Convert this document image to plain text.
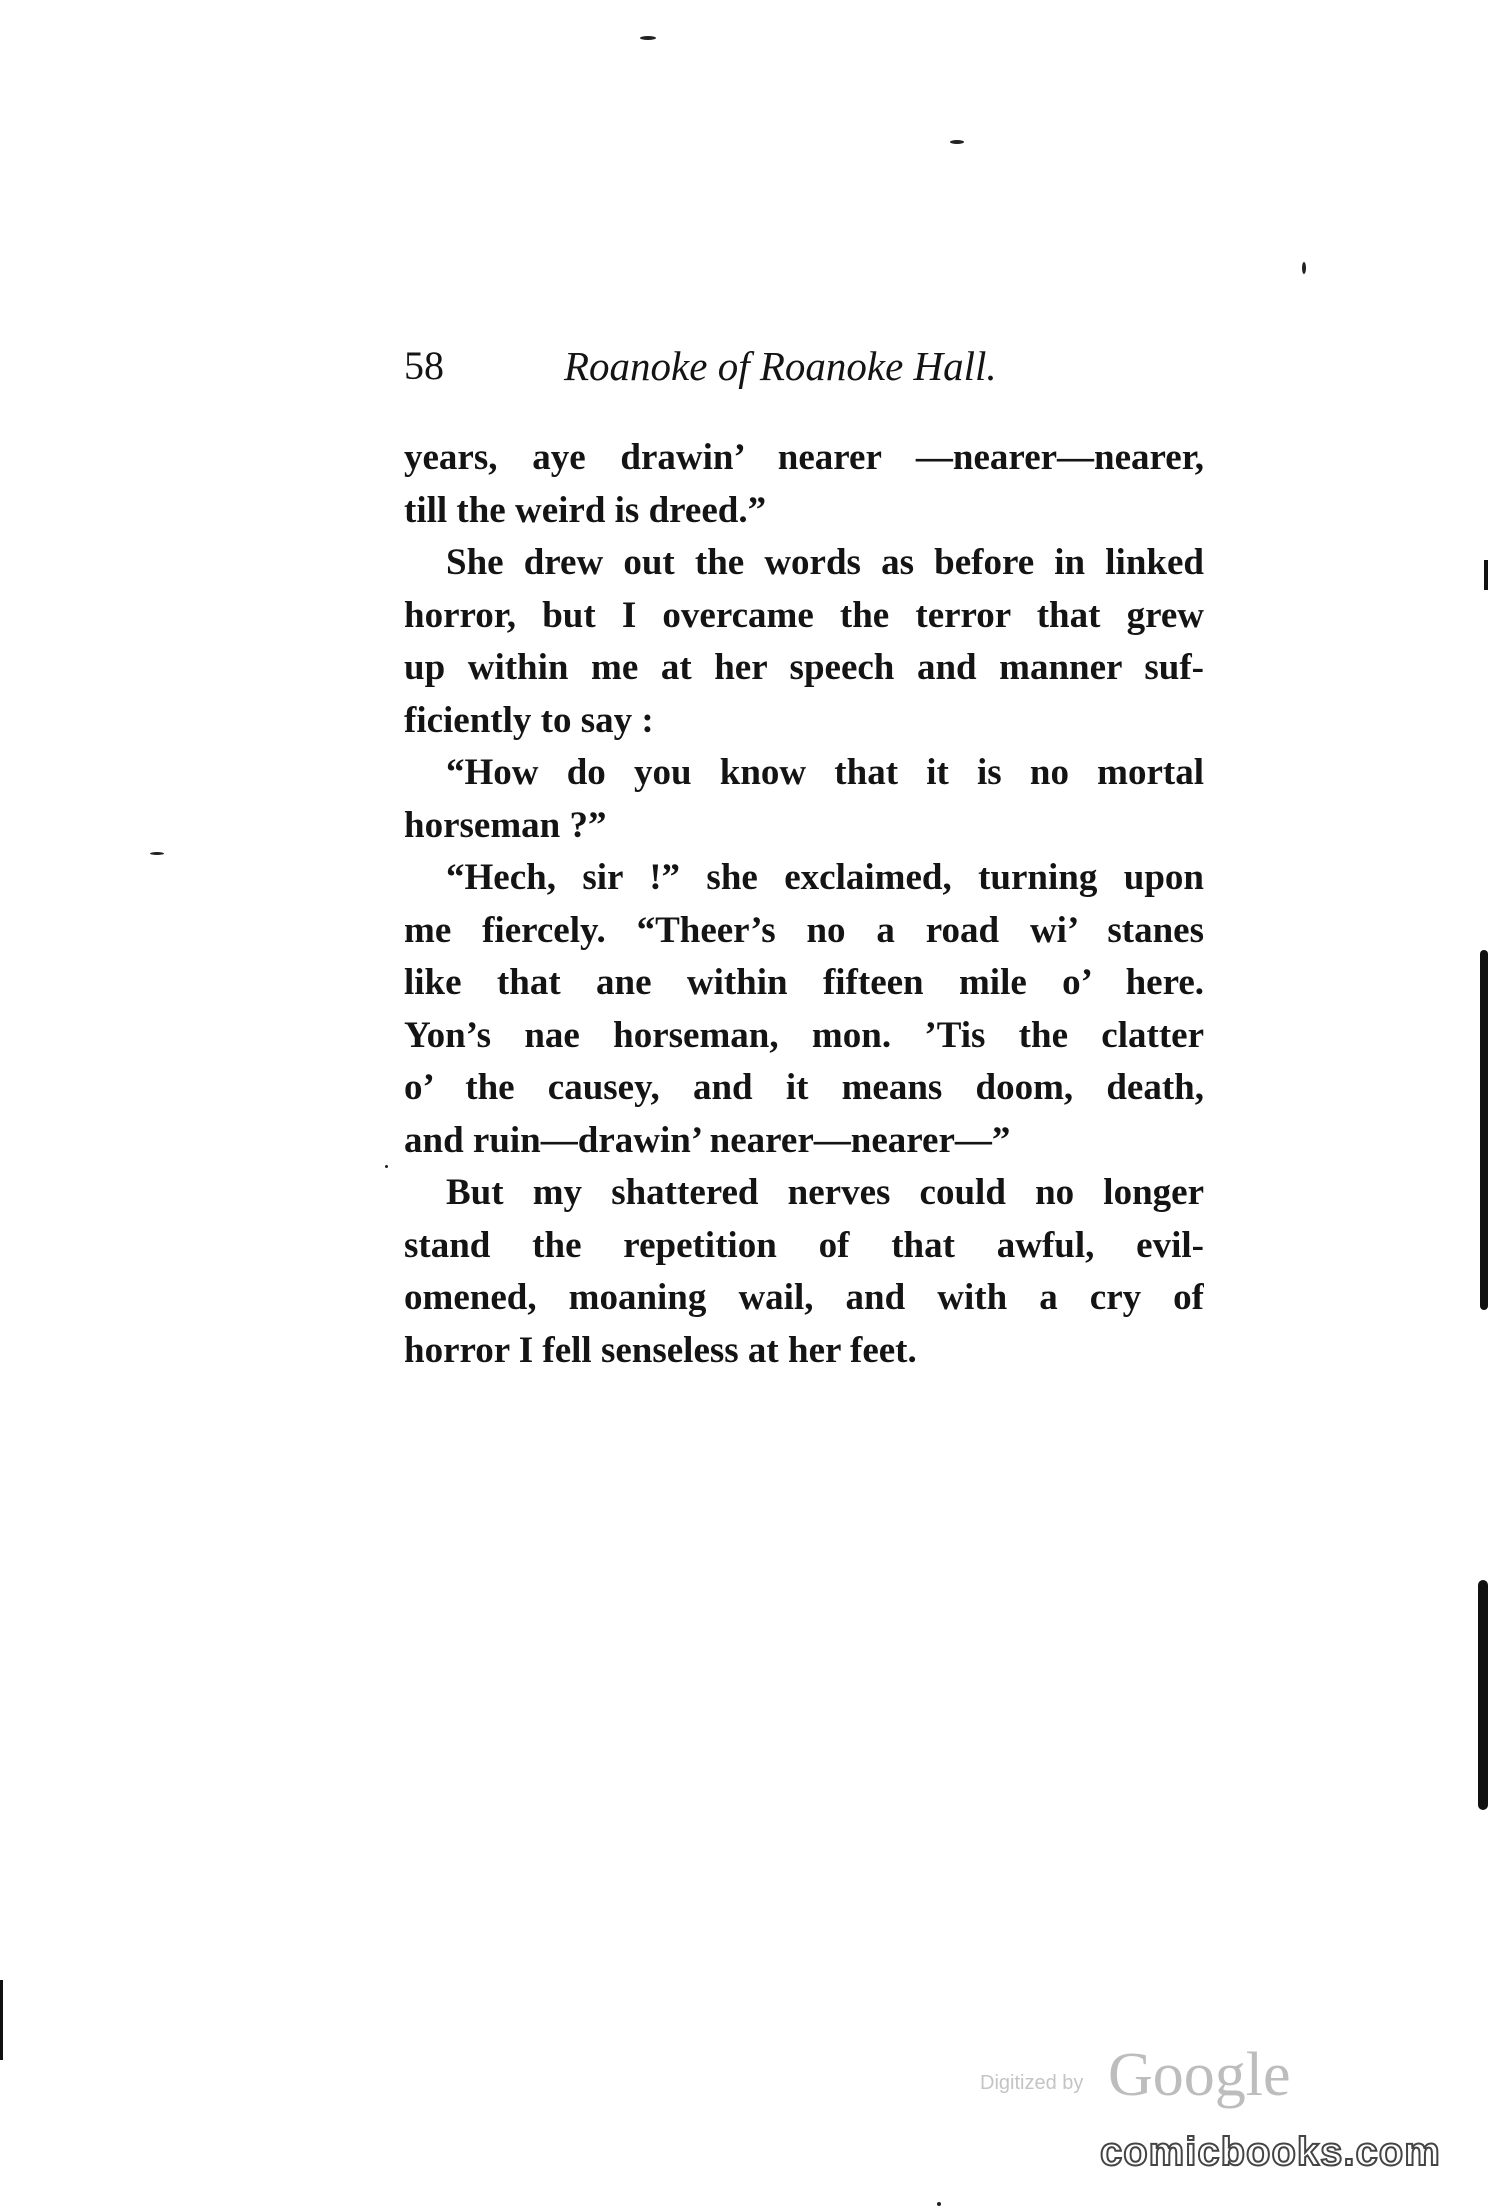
58	Roanoke of Roanoke Hall.
years, aye drawin’ nearer —nearer—nearer,
till the weird is dreed.”
She drew out the words as before in linked
horror, but I overcame the terror that grew
up within me at her speech and manner suf-
ficiently to say :
“How do you know that it is no mortal
horseman ?”
“Hech, sir !” she exclaimed, turning upon
me fiercely. “Theer’s no a road wi’ stanes
like that ane within fifteen mile o’ here.
Yon’s nae horseman, mon. ’Tis the clatter
o’ the causey, and it means doom, death,
and ruin—drawin’ nearer—nearer—”
But my shattered nerves could no longer
stand the repetition of that awful, evil-
omened, moaning wail, and with a cry of
horror I fell senseless at her feet.
Digitized by Google
comicbooks.com
